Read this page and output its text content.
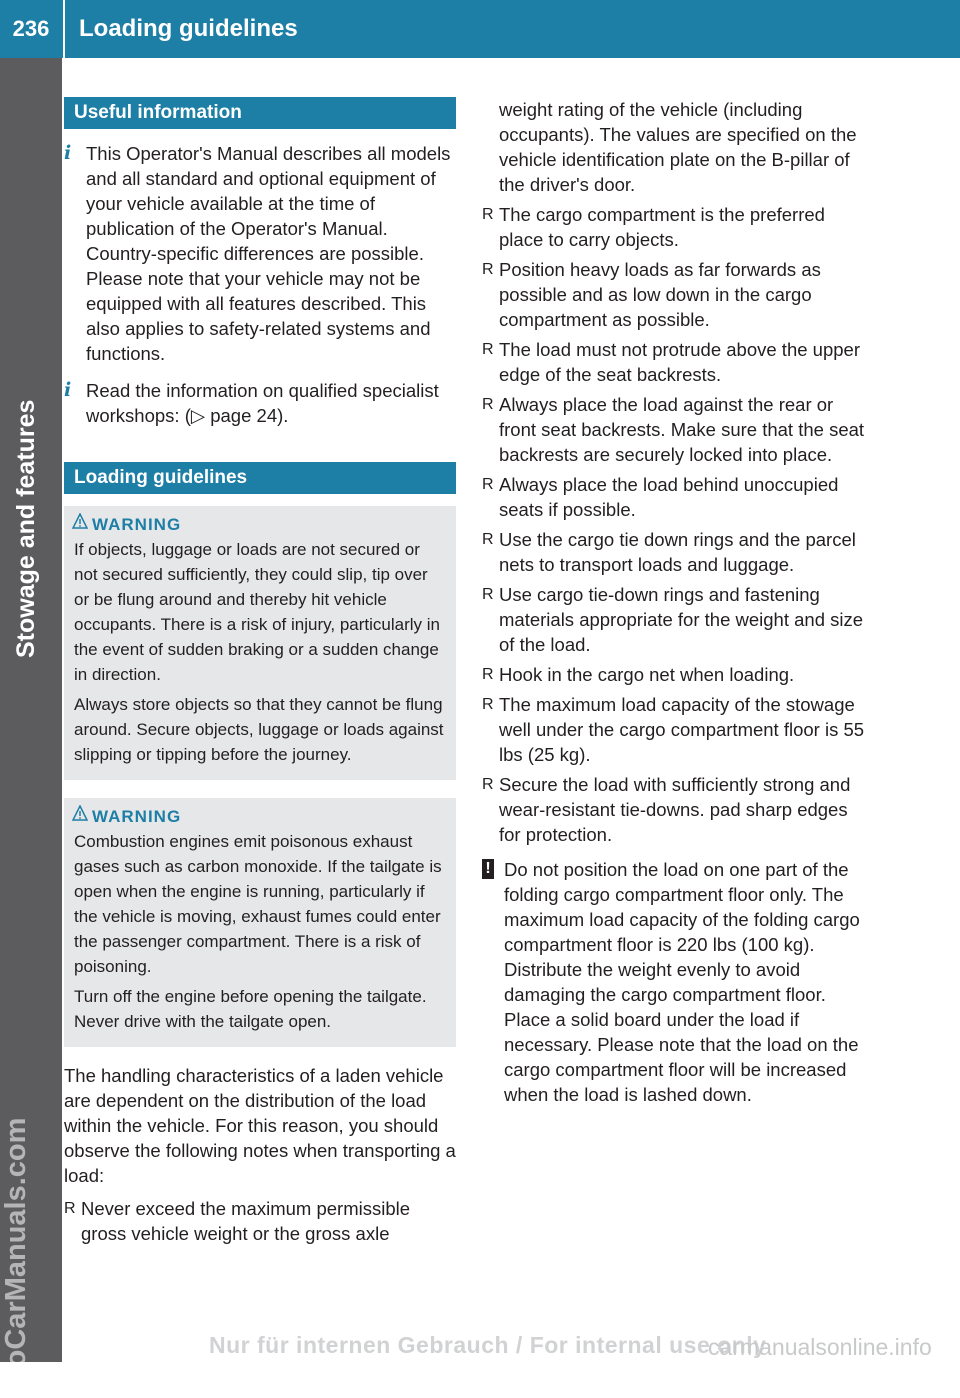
236	Loading guidelines
Stowage and features
ProCarManuals.com
Useful information
i This Operator's Manual describes all models and all standard and optional equipment of your vehicle available at the time of publication of the Operator's Manual. Country-specific differences are possible. Please note that your vehicle may not be equipped with all features described. This also applies to safety-related systems and functions.
i Read the information on qualified specialist workshops: (▷ page 24).
Loading guidelines
WARNING

If objects, luggage or loads are not secured or not secured sufficiently, they could slip, tip over or be flung around and thereby hit vehicle occupants. There is a risk of injury, particularly in the event of sudden braking or a sudden change in direction.

Always store objects so that they cannot be flung around. Secure objects, luggage or loads against slipping or tipping before the journey.

WARNING

Combustion engines emit poisonous exhaust gases such as carbon monoxide. If the tailgate is open when the engine is running, particularly if the vehicle is moving, exhaust fumes could enter the passenger compartment. There is a risk of poisoning.

Turn off the engine before opening the tailgate. Never drive with the tailgate open.

The handling characteristics of a laden vehicle are dependent on the distribution of the load within the vehicle. For this reason, you should observe the following notes when transporting a load:

R Never exceed the maximum permissible gross vehicle weight or the gross axle

weight rating of the vehicle (including occupants). The values are specified on the vehicle identification plate on the B-pillar of the driver's door.

R The cargo compartment is the preferred place to carry objects.
R Position heavy loads as far forwards as possible and as low down in the cargo compartment as possible.
R The load must not protrude above the upper edge of the seat backrests.
R Always place the load against the rear or front seat backrests. Make sure that the seat backrests are securely locked into place.
R Always place the load behind unoccupied seats if possible.
R Use the cargo tie down rings and the parcel nets to transport loads and luggage.
R Use cargo tie-down rings and fastening materials appropriate for the weight and size of the load.
R Hook in the cargo net when loading.
R The maximum load capacity of the stowage well under the cargo compartment floor is 55 lbs (25 kg).
R Secure the load with sufficiently strong and wear-resistant tie-downs. pad sharp edges for protection.
! Do not position the load on one part of the folding cargo compartment floor only. The maximum load capacity of the folding cargo compartment floor is 220 lbs (100 kg). Distribute the weight evenly to avoid damaging the cargo compartment floor. Place a solid board under the load if necessary. Please note that the load on the cargo compartment floor will be increased when the load is lashed down.
Nur für internen Gebrauch / For internal use only
carmanualsonline.info
